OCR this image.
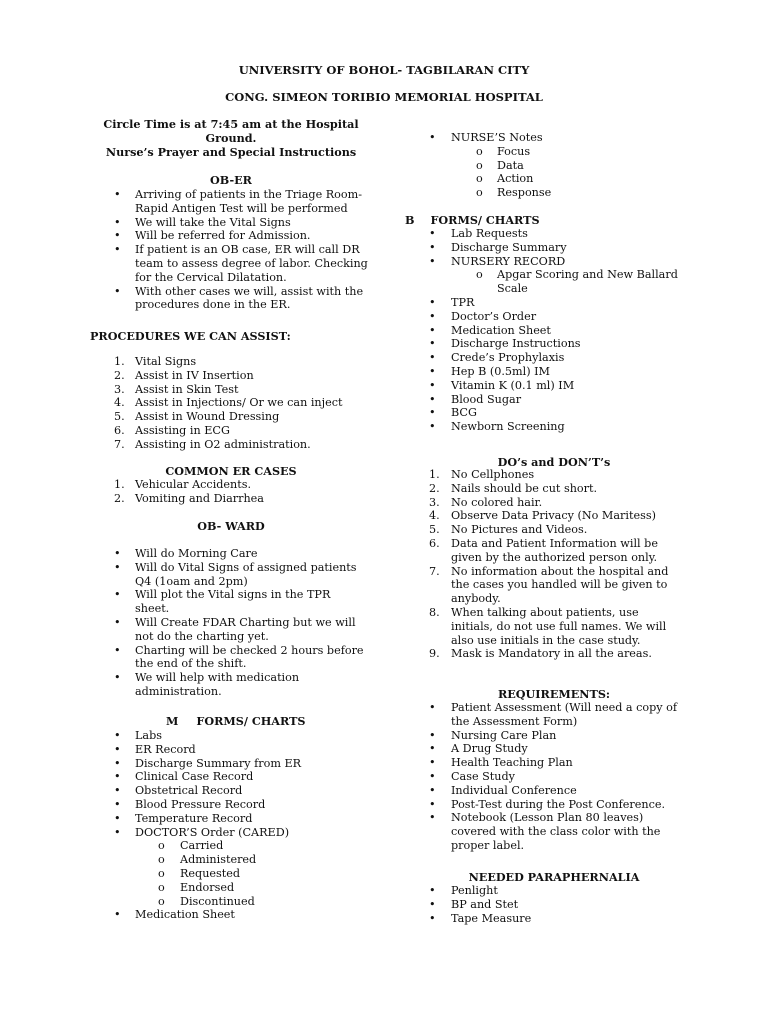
UNIVERSITY OF BOHOL- TAGBILARAN CITY
CONG. SIMEON TORIBIO MEMORIAL HOSPITAL
Circle Time is at 7:45 am at the Hospital
Ground.
Nurse’s Prayer and Special Instructions
OB-ER
• Arriving of patients in the Triage Room-
Rapid Antigen Test will be performed
• We will take the Vital Signs
• Will be referred for Admission.
• If patient is an OB case, ER will call DR
team to assess degree of labor. Checking
for the Cervical Dilatation.
• With other cases we will, assist with the
procedures done in the ER.
PROCEDURES WE CAN ASSIST:
1. Vital Signs
2. Assist in IV Insertion
3. Assist in Skin Test
4. Assist in Injections/ Or we can inject
5. Assist in Wound Dressing
6. Assisting in ECG
7. Assisting in O2 administration.
COMMON ER CASES
1. Vehicular Accidents.
2. Vomiting and Diarrhea
OB- WARD
• Will do Morning Care
• Will do Vital Signs of assigned patients
Q4 (1oam and 2pm)
• Will plot the Vital signs in the TPR
sheet.
• Will Create FDAR Charting but we will
not do the charting yet.
• Charting will be checked 2 hours before
the end of the shift.
• We will help with medication
administration.
M FORMS/ CHARTS
• Labs
• ER Record
• Discharge Summary from ER
• Clinical Case Record
• Obstetrical Record
• Blood Pressure Record
• Temperature Record
• DOCTOR’S Order (CARED)
o Carried
o Administered
o Requested
o Endorsed
o Discontinued
• Medication Sheet
• NURSE’S Notes
o Focus
o Data
o Action
o Response
B FORMS/ CHARTS
• Lab Requests
• Discharge Summary
• NURSERY RECORD
o Apgar Scoring and New Ballard
Scale
• TPR
• Doctor’s Order
• Medication Sheet
• Discharge Instructions
• Crede’s Prophylaxis
• Hep B (0.5ml) IM
• Vitamin K (0.1 ml) IM
• Blood Sugar
• BCG
• Newborn Screening
DO’s and DON’T’s
1. No Cellphones
2. Nails should be cut short.
3. No colored hair.
4. Observe Data Privacy (No Maritess)
5. No Pictures and Videos.
6. Data and Patient Information will be
given by the authorized person only.
7. No information about the hospital and
the cases you handled will be given to
anybody.
8. When talking about patients, use
initials, do not use full names. We will
also use initials in the case study.
9. Mask is Mandatory in all the areas.
REQUIREMENTS:
• Patient Assessment (Will need a copy of
the Assessment Form)
• Nursing Care Plan
• A Drug Study
• Health Teaching Plan
• Case Study
• Individual Conference
• Post-Test during the Post Conference.
• Notebook (Lesson Plan 80 leaves)
covered with the class color with the
proper label.
NEEDED PARAPHERNALIA
• Penlight
• BP and Stet
• Tape Measure
